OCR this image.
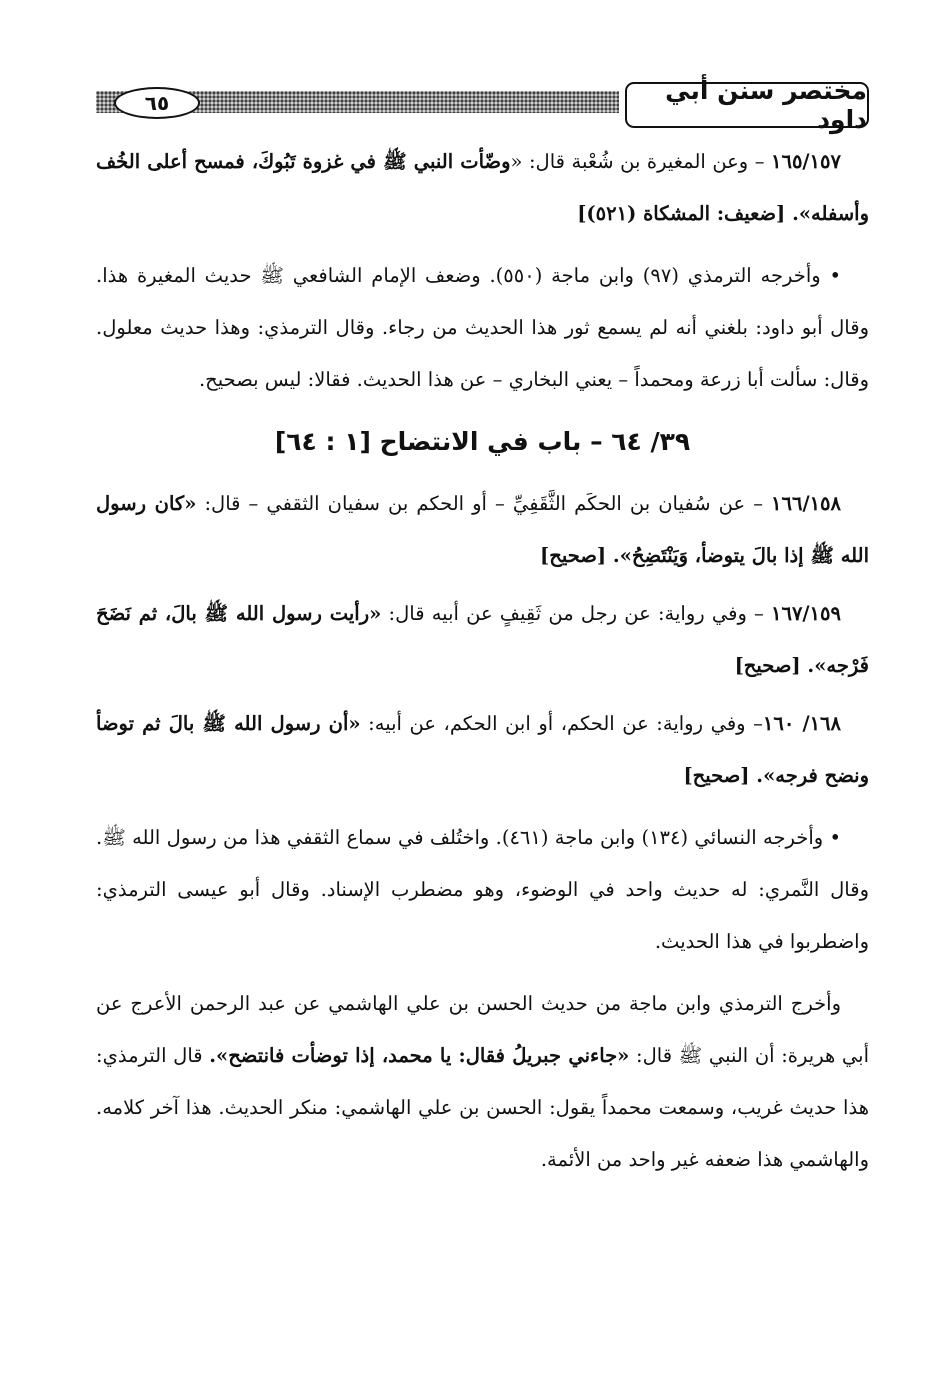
مختصر سنن أبي داود
٦٥

١٦٥/١٥٧ – وعن المغيرة بن شُعْبة قال: «وضّأت النبي ﷺ في غزوة تَبُوكَ، فمسح أعلى الخُف وأسفله». [ضعيف: المشكاة (٥٢١)]

• وأخرجه الترمذي (٩٧) وابن ماجة (٥٥٠). وضعف الإمام الشافعي ﷺ حديث المغيرة هذا. وقال أبو داود: بلغني أنه لم يسمع ثور هذا الحديث من رجاء. وقال الترمذي: وهذا حديث معلول. وقال: سألت أبا زرعة ومحمداً – يعني البخاري – عن هذا الحديث. فقالا: ليس بصحيح.

٣٩/ ٦٤ – باب في الانتضاح [١ : ٦٤]

١٦٦/١٥٨ – عن سُفيان بن الحكَم الثَّقَفِيِّ – أو الحكم بن سفيان الثقفي – قال: «كان رسول الله ﷺ إذا بالَ يتوضأ، وَيَنْتَضِحُ». [صحيح]

١٦٧/١٥٩ – وفي رواية: عن رجل من ثَقِيفٍ عن أبيه قال: «رأيت رسول الله ﷺ بالَ، ثم نَضَحَ فَرْجه». [صحيح]

١٦٨/ ١٦٠– وفي رواية: عن الحكم، أو ابن الحكم، عن أبيه: «أن رسول الله ﷺ بالَ ثم توضأ ونضح فرجه». [صحيح]

• وأخرجه النسائي (١٣٤) وابن ماجة (٤٦١). واختُلف في سماع الثقفي هذا من رسول الله ﷺ. وقال النَّمري: له حديث واحد في الوضوء، وهو مضطرب الإسناد. وقال أبو عيسى الترمذي: واضطربوا في هذا الحديث.

وأخرج الترمذي وابن ماجة من حديث الحسن بن علي الهاشمي عن عبد الرحمن الأعرج عن أبي هريرة: أن النبي ﷺ قال: «جاءني جبريلُ فقال: يا محمد، إذا توضأت فانتضح». قال الترمذي: هذا حديث غريب، وسمعت محمداً يقول: الحسن بن علي الهاشمي: منكر الحديث. هذا آخر كلامه. والهاشمي هذا ضعفه غير واحد من الأئمة.
